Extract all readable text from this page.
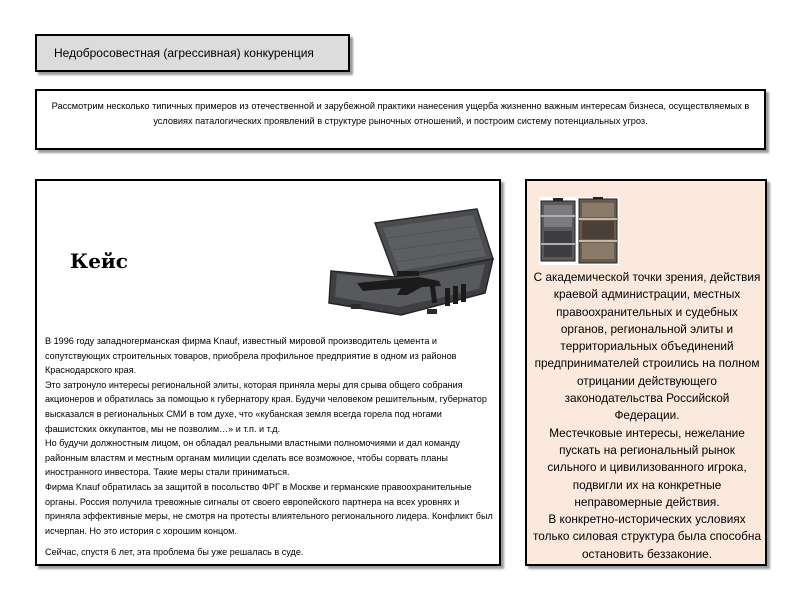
Недобросовестная (агрессивная) конкуренция
Рассмотрим несколько типичных примеров из отечественной и зарубежной практики нанесения ущерба жизненно важным интересам бизнеса, осуществляемых в условиях паталогических проявлений в структуре рыночных отношений, и построим систему потенциальных угроз.
Кейс

В 1996 году западногерманская фирма Knauf, известный мировой производитель цемента и сопутствующих строительных товаров, приобрела профильное предприятие в одном из районов Краснодарского края.

Это затронуло интересы региональной элиты, которая приняла меры для срыва общего собрания акционеров и обратилась за помощью к губернатору края. Будучи человеком решительным, губернатор высказался в региональных СМИ в том духе, что «кубанская земля всегда горела под ногами фашистских оккупантов, мы не позволим…» и т.п. и т.д.

Но будучи должностным лицом, он обладал реальными властными полномочиями и дал команду районным властям и местным органам милиции сделать все возможное, чтобы сорвать планы иностранного инвестора. Такие меры стали приниматься.

Фирма Knauf обратилась за защитой в посольство ФРГ в Москве и германские правоохранительные органы. Россия получила тревожные сигналы от своего европейского партнера на всех уровнях и приняла эффективные меры, не смотря на протесты влиятельного регионального лидера. Конфликт был исчерпан. Но это история с хорошим концом.

Сейчас, спустя 6 лет, эта проблема бы уже решалась в суде.

С академической точки зрения, действия краевой администрации, местных правоохранительных и судебных органов, региональной элиты и территориальных объединений предпринимателей строились на полном отрицании действующего законодательства Российской Федерации.

Местечковые интересы, нежелание пускать на региональный рынок сильного и цивилизованного игрока, подвигли их на конкретные неправомерные действия.

В конкретно-исторических условиях только силовая структура была способна остановить беззаконие.
